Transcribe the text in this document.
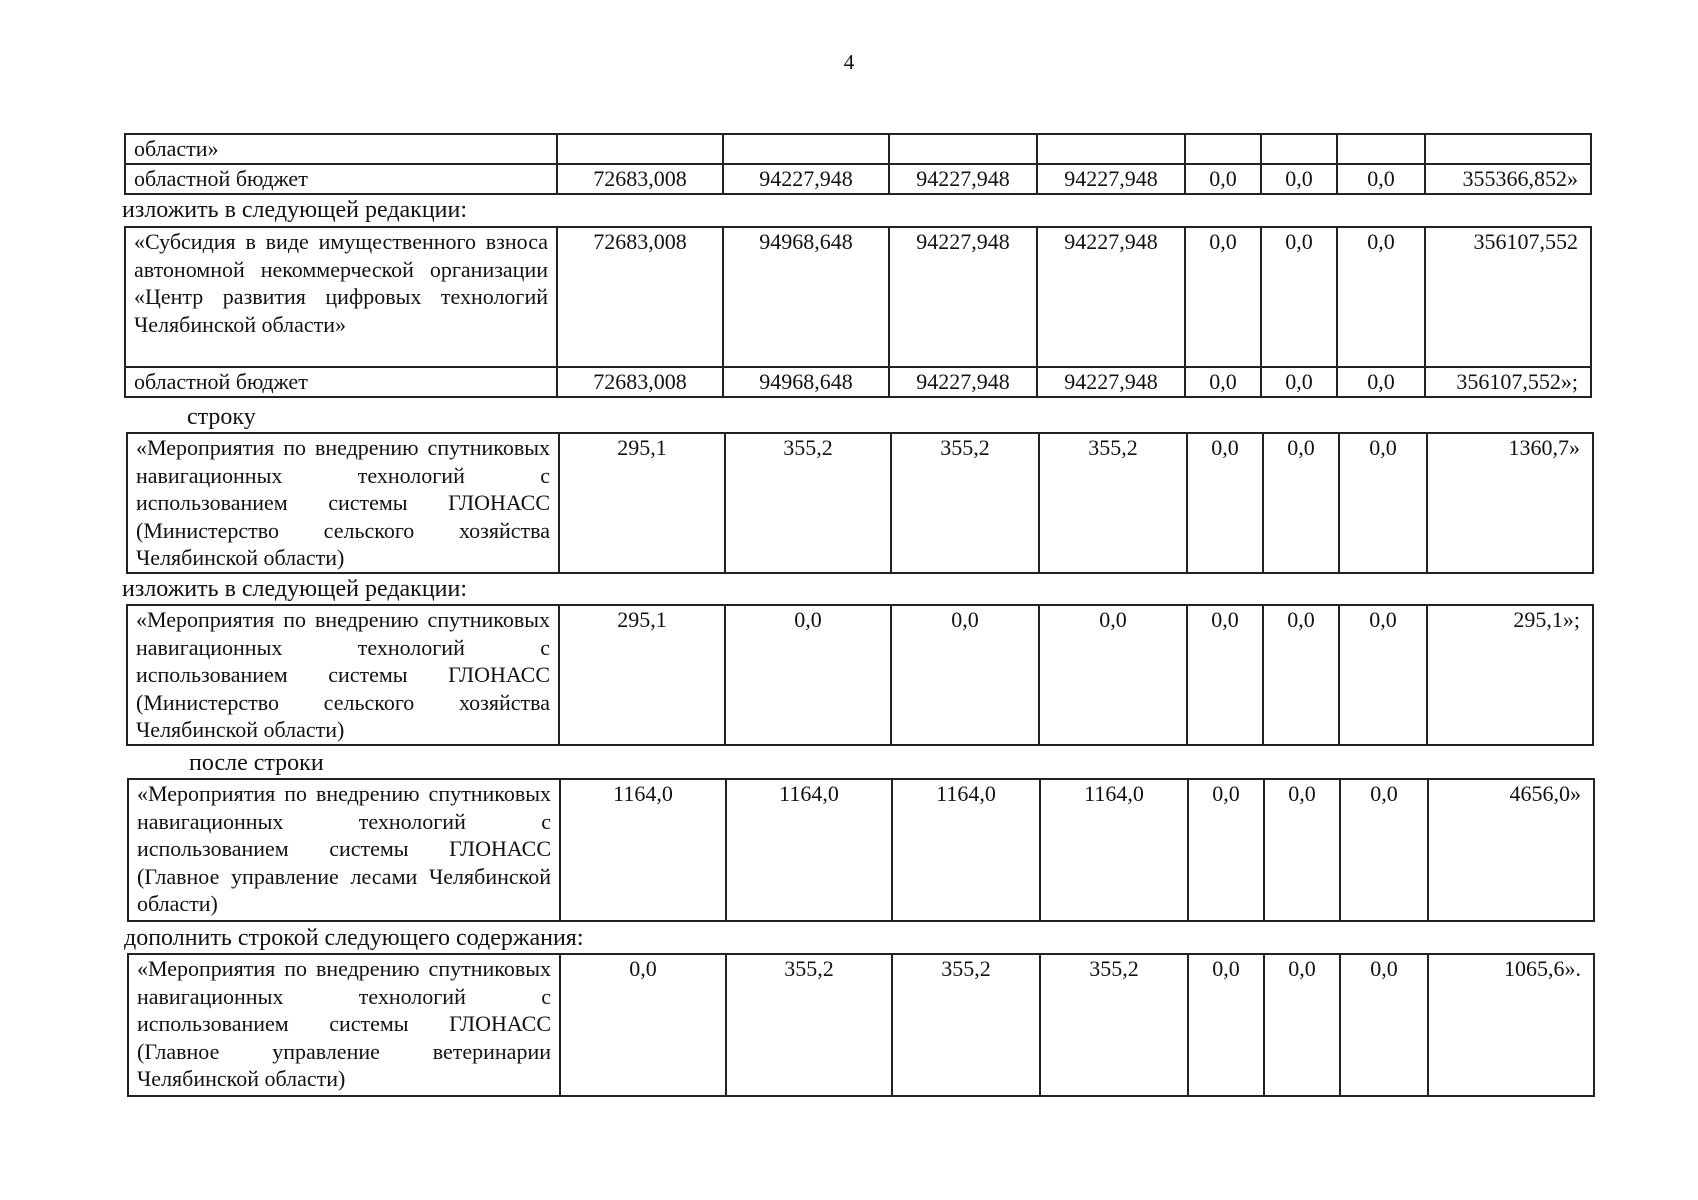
4
области»								
областной бюджет	72683,008	94227,948	94227,948	94227,948	0,0	0,0	0,0	355366,852»
изложить в следующей редакции:
«Субсидия в виде имущественного взноса автономной некоммерческой организации «Центр развития цифровых технологий Челябинской области»	72683,008	94968,648	94227,948	94227,948	0,0	0,0	0,0	356107,552
областной бюджет	72683,008	94968,648	94227,948	94227,948	0,0	0,0	0,0	356107,552»;
строку
«Мероприятия по внедрению спутниковых навигационных технологий с использованием системы ГЛОНАСС (Министерство сельского хозяйства Челябинской области)	295,1	355,2	355,2	355,2	0,0	0,0	0,0	1360,7»
изложить в следующей редакции:
«Мероприятия по внедрению спутниковых навигационных технологий с использованием системы ГЛОНАСС (Министерство сельского хозяйства Челябинской области)	295,1	0,0	0,0	0,0	0,0	0,0	0,0	295,1»;
после строки
«Мероприятия по внедрению спутниковых навигационных технологий с использованием системы ГЛОНАСС (Главное управление лесами Челябинской области)	1164,0	1164,0	1164,0	1164,0	0,0	0,0	0,0	4656,0»
дополнить строкой следующего содержания:
«Мероприятия по внедрению спутниковых навигационных технологий с использованием системы ГЛОНАСС (Главное управление ветеринарии Челябинской области)	0,0	355,2	355,2	355,2	0,0	0,0	0,0	1065,6».
